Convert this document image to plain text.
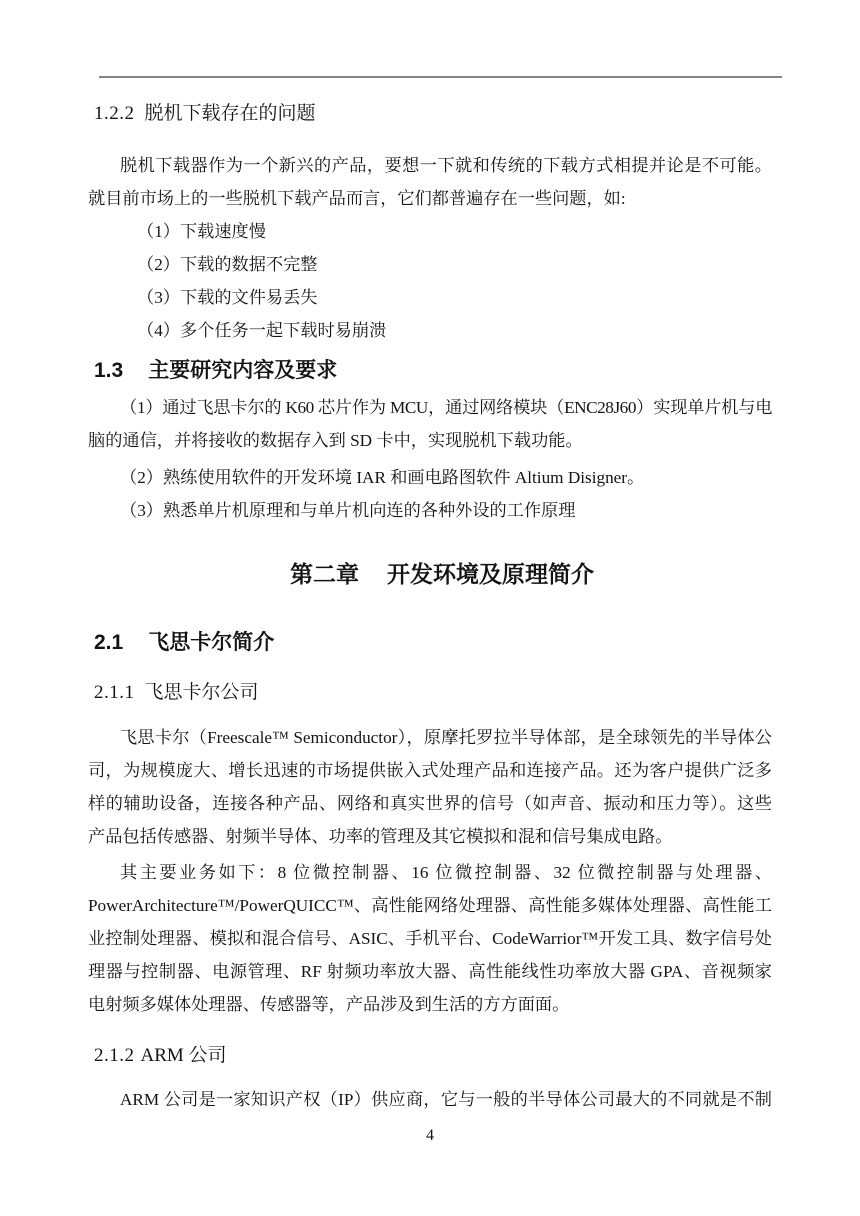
1.2.2 脱机下载存在的问题
脱机下载器作为一个新兴的产品，要想一下就和传统的下载方式相提并论是不可能。
就目前市场上的一些脱机下载产品而言，它们都普遍存在一些问题，如:
（1）下载速度慢
（2）下载的数据不完整
（3）下载的文件易丢失
（4）多个任务一起下载时易崩溃
1.3 主要研究内容及要求
（1）通过飞思卡尔的 K60 芯片作为 MCU，通过网络模块（ENC28J60）实现单片机与电
脑的通信，并将接收的数据存入到 SD 卡中，实现脱机下载功能。
（2）熟练使用软件的开发环境 IAR 和画电路图软件 Altium Disigner。
（3）熟悉单片机原理和与单片机向连的各种外设的工作原理
第二章 开发环境及原理简介
2.1 飞思卡尔简介
2.1.1 飞思卡尔公司
飞思卡尔（Freescale™ Semiconductor），原摩托罗拉半导体部，是全球领先的半导体公
司，为规模庞大、增长迅速的市场提供嵌入式处理产品和连接产品。还为客户提供广泛多
样的辅助设备，连接各种产品、网络和真实世界的信号（如声音、振动和压力等）。这些
产品包括传感器、射频半导体、功率的管理及其它模拟和混和信号集成电路。
其主要业务如下：8 位微控制器、16 位微控制器、32 位微控制器与处理器、
PowerArchitecture™/PowerQUICC™、高性能网络处理器、高性能多媒体处理器、高性能工
业控制处理器、模拟和混合信号、ASIC、手机平台、CodeWarrior™开发工具、数字信号处
理器与控制器、电源管理、RF 射频功率放大器、高性能线性功率放大器 GPA、音视频家
电射频多媒体处理器、传感器等，产品涉及到生活的方方面面。
2.1.2 ARM 公司
ARM 公司是一家知识产权（IP）供应商，它与一般的半导体公司最大的不同就是不制
4
